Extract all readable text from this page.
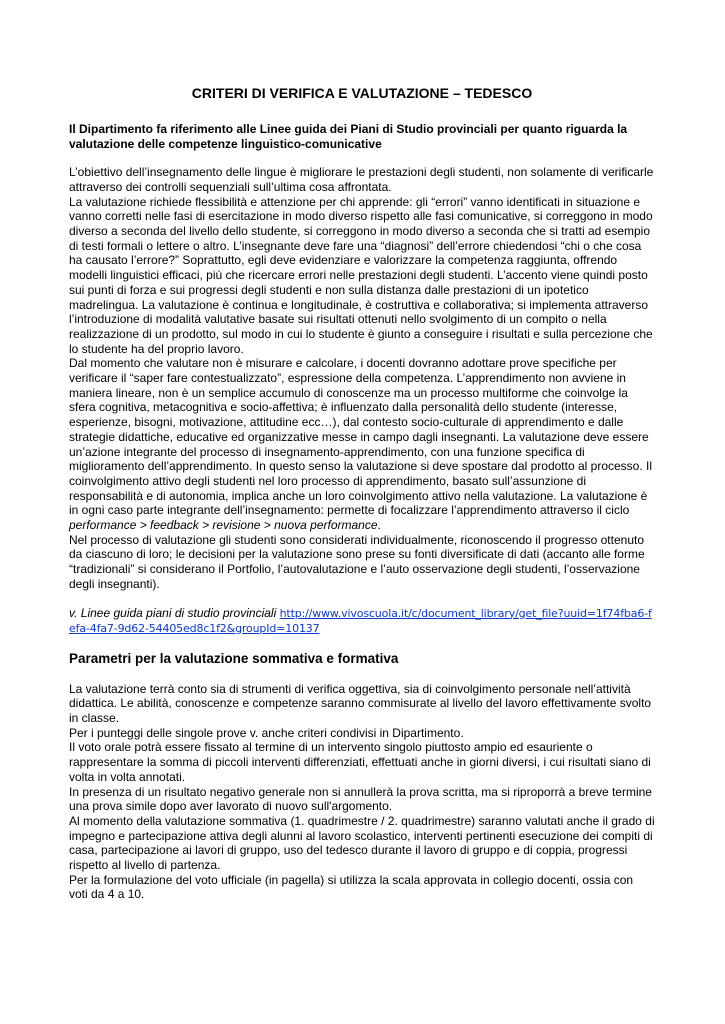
CRITERI DI VERIFICA E VALUTAZIONE – TEDESCO

Il Dipartimento fa riferimento alle Linee guida dei Piani di Studio provinciali per quanto riguarda la valutazione delle competenze linguistico-comunicative

L’obiettivo dell’insegnamento delle lingue è migliorare le prestazioni degli studenti, non solamente di verificarle attraverso dei controlli sequenziali sull’ultima cosa affrontata.

La valutazione richiede flessibilità e attenzione per chi apprende: gli “errori” vanno identificati in situazione e vanno corretti nelle fasi di esercitazione in modo diverso rispetto alle fasi comunicative, si correggono in modo diverso a seconda del livello dello studente, si correggono in modo diverso a seconda che si tratti ad esempio di testi formali o lettere o altro. L’insegnante deve fare una “diagnosi” dell’errore chiedendosi “chi o che cosa ha causato l’errore?” Soprattutto, egli deve evidenziare e valorizzare la competenza raggiunta, offrendo modelli linguistici efficaci, più che ricercare errori nelle prestazioni degli studenti. L’accento viene quindi posto sui punti di forza e sui progressi degli studenti e non sulla distanza dalle prestazioni di un ipotetico madrelingua. La valutazione è continua e longitudinale, è costruttiva e collaborativa; si implementa attraverso l’introduzione di modalità valutative basate sui risultati ottenuti nello svolgimento di un compito o nella realizzazione di un prodotto, sul modo in cui lo studente è giunto a conseguire i risultati e sulla percezione che lo studente ha del proprio lavoro.

Dal momento che valutare non è misurare e calcolare, i docenti dovranno adottare prove specifiche per verificare il “saper fare contestualizzato”, espressione della competenza. L’apprendimento non avviene in maniera lineare, non è un semplice accumulo di conoscenze ma un processo multiforme che coinvolge la sfera cognitiva, metacognitiva e socio-affettiva; è influenzato dalla personalità dello studente (interesse, esperienze, bisogni, motivazione, attitudine ecc…), dal contesto socio-culturale di apprendimento e dalle strategie didattiche, educative ed organizzative messe in campo dagli insegnanti. La valutazione deve essere un’azione integrante del processo di insegnamento-apprendimento, con una funzione specifica di miglioramento dell’apprendimento. In questo senso la valutazione si deve spostare dal prodotto al processo. Il coinvolgimento attivo degli studenti nel loro processo di apprendimento, basato sull’assunzione di responsabilità e di autonomia, implica anche un loro coinvolgimento attivo nella valutazione. La valutazione è in ogni caso parte integrante dell’insegnamento: permette di focalizzare l’apprendimento attraverso il ciclo

performance > feedback > revisione > nuova performance.

Nel processo di valutazione gli studenti sono considerati individualmente, riconoscendo il progresso ottenuto da ciascuno di loro; le decisioni per la valutazione sono prese su fonti diversificate di dati (accanto alle forme “tradizionali” si considerano il Portfolio, l’autovalutazione e l’auto osservazione degli studenti, l’osservazione degli insegnanti).

v. Linee guida piani di studio provinciali http://www.vivoscuola.it/c/document_library/get_file?uuid=1f74fba6-fefa-4fa7-9d62-54405ed8c1f2&groupId=10137

Parametri per la valutazione sommativa e formativa

La valutazione terrà conto sia di strumenti di verifica oggettiva, sia di coinvolgimento personale nell’attività didattica. Le abilità, conoscenze e competenze saranno commisurate al livello del lavoro effettivamente svolto in classe.

Per i punteggi delle singole prove v. anche criteri condivisi in Dipartimento.

Il voto orale potrà essere fissato al termine di un intervento singolo piuttosto ampio ed esauriente o rappresentare la somma di piccoli interventi differenziati, effettuati anche in giorni diversi, i cui risultati siano di volta in volta annotati.

In presenza di un risultato negativo generale non si annullerà la prova scritta, ma si riproporrà a breve termine una prova simile dopo aver lavorato di nuovo sull'argomento.

Al momento della valutazione sommativa (1. quadrimestre / 2. quadrimestre) saranno valutati anche il grado di impegno e partecipazione attiva degli alunni al lavoro scolastico, interventi pertinenti esecuzione dei compiti di casa, partecipazione ai lavori di gruppo, uso del tedesco durante il lavoro di gruppo e di coppia, progressi rispetto al livello di partenza.

Per la formulazione del voto ufficiale (in pagella) si utilizza la scala approvata in collegio docenti, ossia con voti da 4 a 10.
